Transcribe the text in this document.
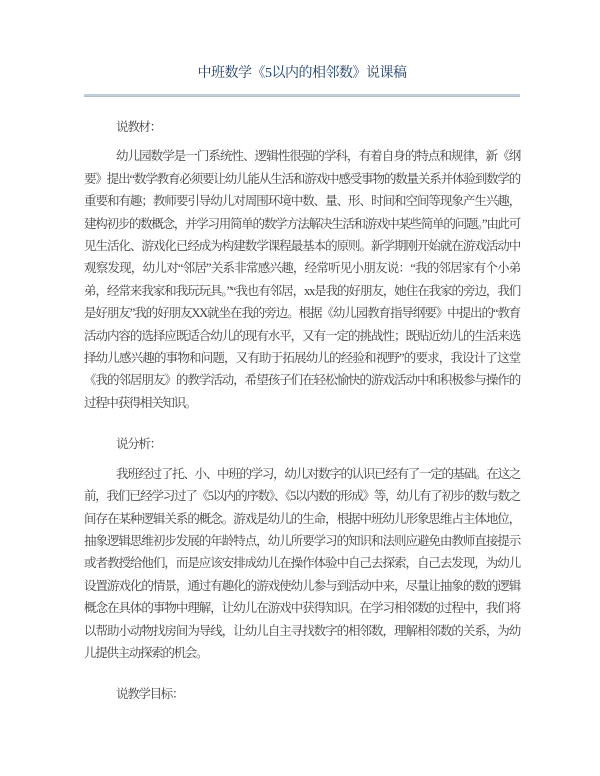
中班数学《5以内的相邻数》说课稿

说教材：

幼儿园数学是一门系统性、逻辑性很强的学科，有着自身的特点和规律，新《纲要》提出“数学教育必须要让幼儿能从生活和游戏中感受事物的数量关系并体验到数学的重要和有趣；教师要引导幼儿对周围环境中数、量、形、时间和空间等现象产生兴趣，建构初步的数概念，并学习用简单的数学方法解决生活和游戏中某些简单的问题。”由此可见生活化、游戏化已经成为构建数学课程最基本的原则。新学期刚开始就在游戏活动中观察发现，幼儿对“邻居”关系非常感兴趣，经常听见小朋友说：“我的邻居家有个小弟弟，经常来我家和我玩玩具。”“我也有邻居，xx是我的好朋友，她住在我家的旁边，我们是好朋友”我的好朋友XX就坐在我的旁边。根据《幼儿园教育指导纲要》中提出的“教育活动内容的选择应既适合幼儿的现有水平，又有一定的挑战性；既贴近幼儿的生活来选择幼儿感兴趣的事物和问题，又有助于拓展幼儿的经验和视野”的要求，我设计了这堂《我的邻居朋友》的教学活动，希望孩子们在轻松愉快的游戏活动中和积极参与操作的过程中获得相关知识。

说分析：

我班经过了托、小、中班的学习，幼儿对数字的认识已经有了一定的基础。在这之前，我们已经学习过了《5以内的序数》、《5以内数的形成》等，幼儿有了初步的数与数之间存在某种逻辑关系的概念。游戏是幼儿的生命，根据中班幼儿形象思维占主体地位，抽象逻辑思维初步发展的年龄特点，幼儿所要学习的知识和法则应避免由教师直接提示或者教授给他们，而是应该安排成幼儿在操作体验中自己去探索，自己去发现，为幼儿设置游戏化的情景，通过有趣化的游戏使幼儿参与到活动中来，尽量让抽象的数的逻辑概念在具体的事物中理解，让幼儿在游戏中获得知识。在学习相邻数的过程中，我们将以帮助小动物找房间为导线，让幼儿自主寻找数字的相邻数，理解相邻数的关系，为幼儿提供主动探索的机会。

说教学目标：
